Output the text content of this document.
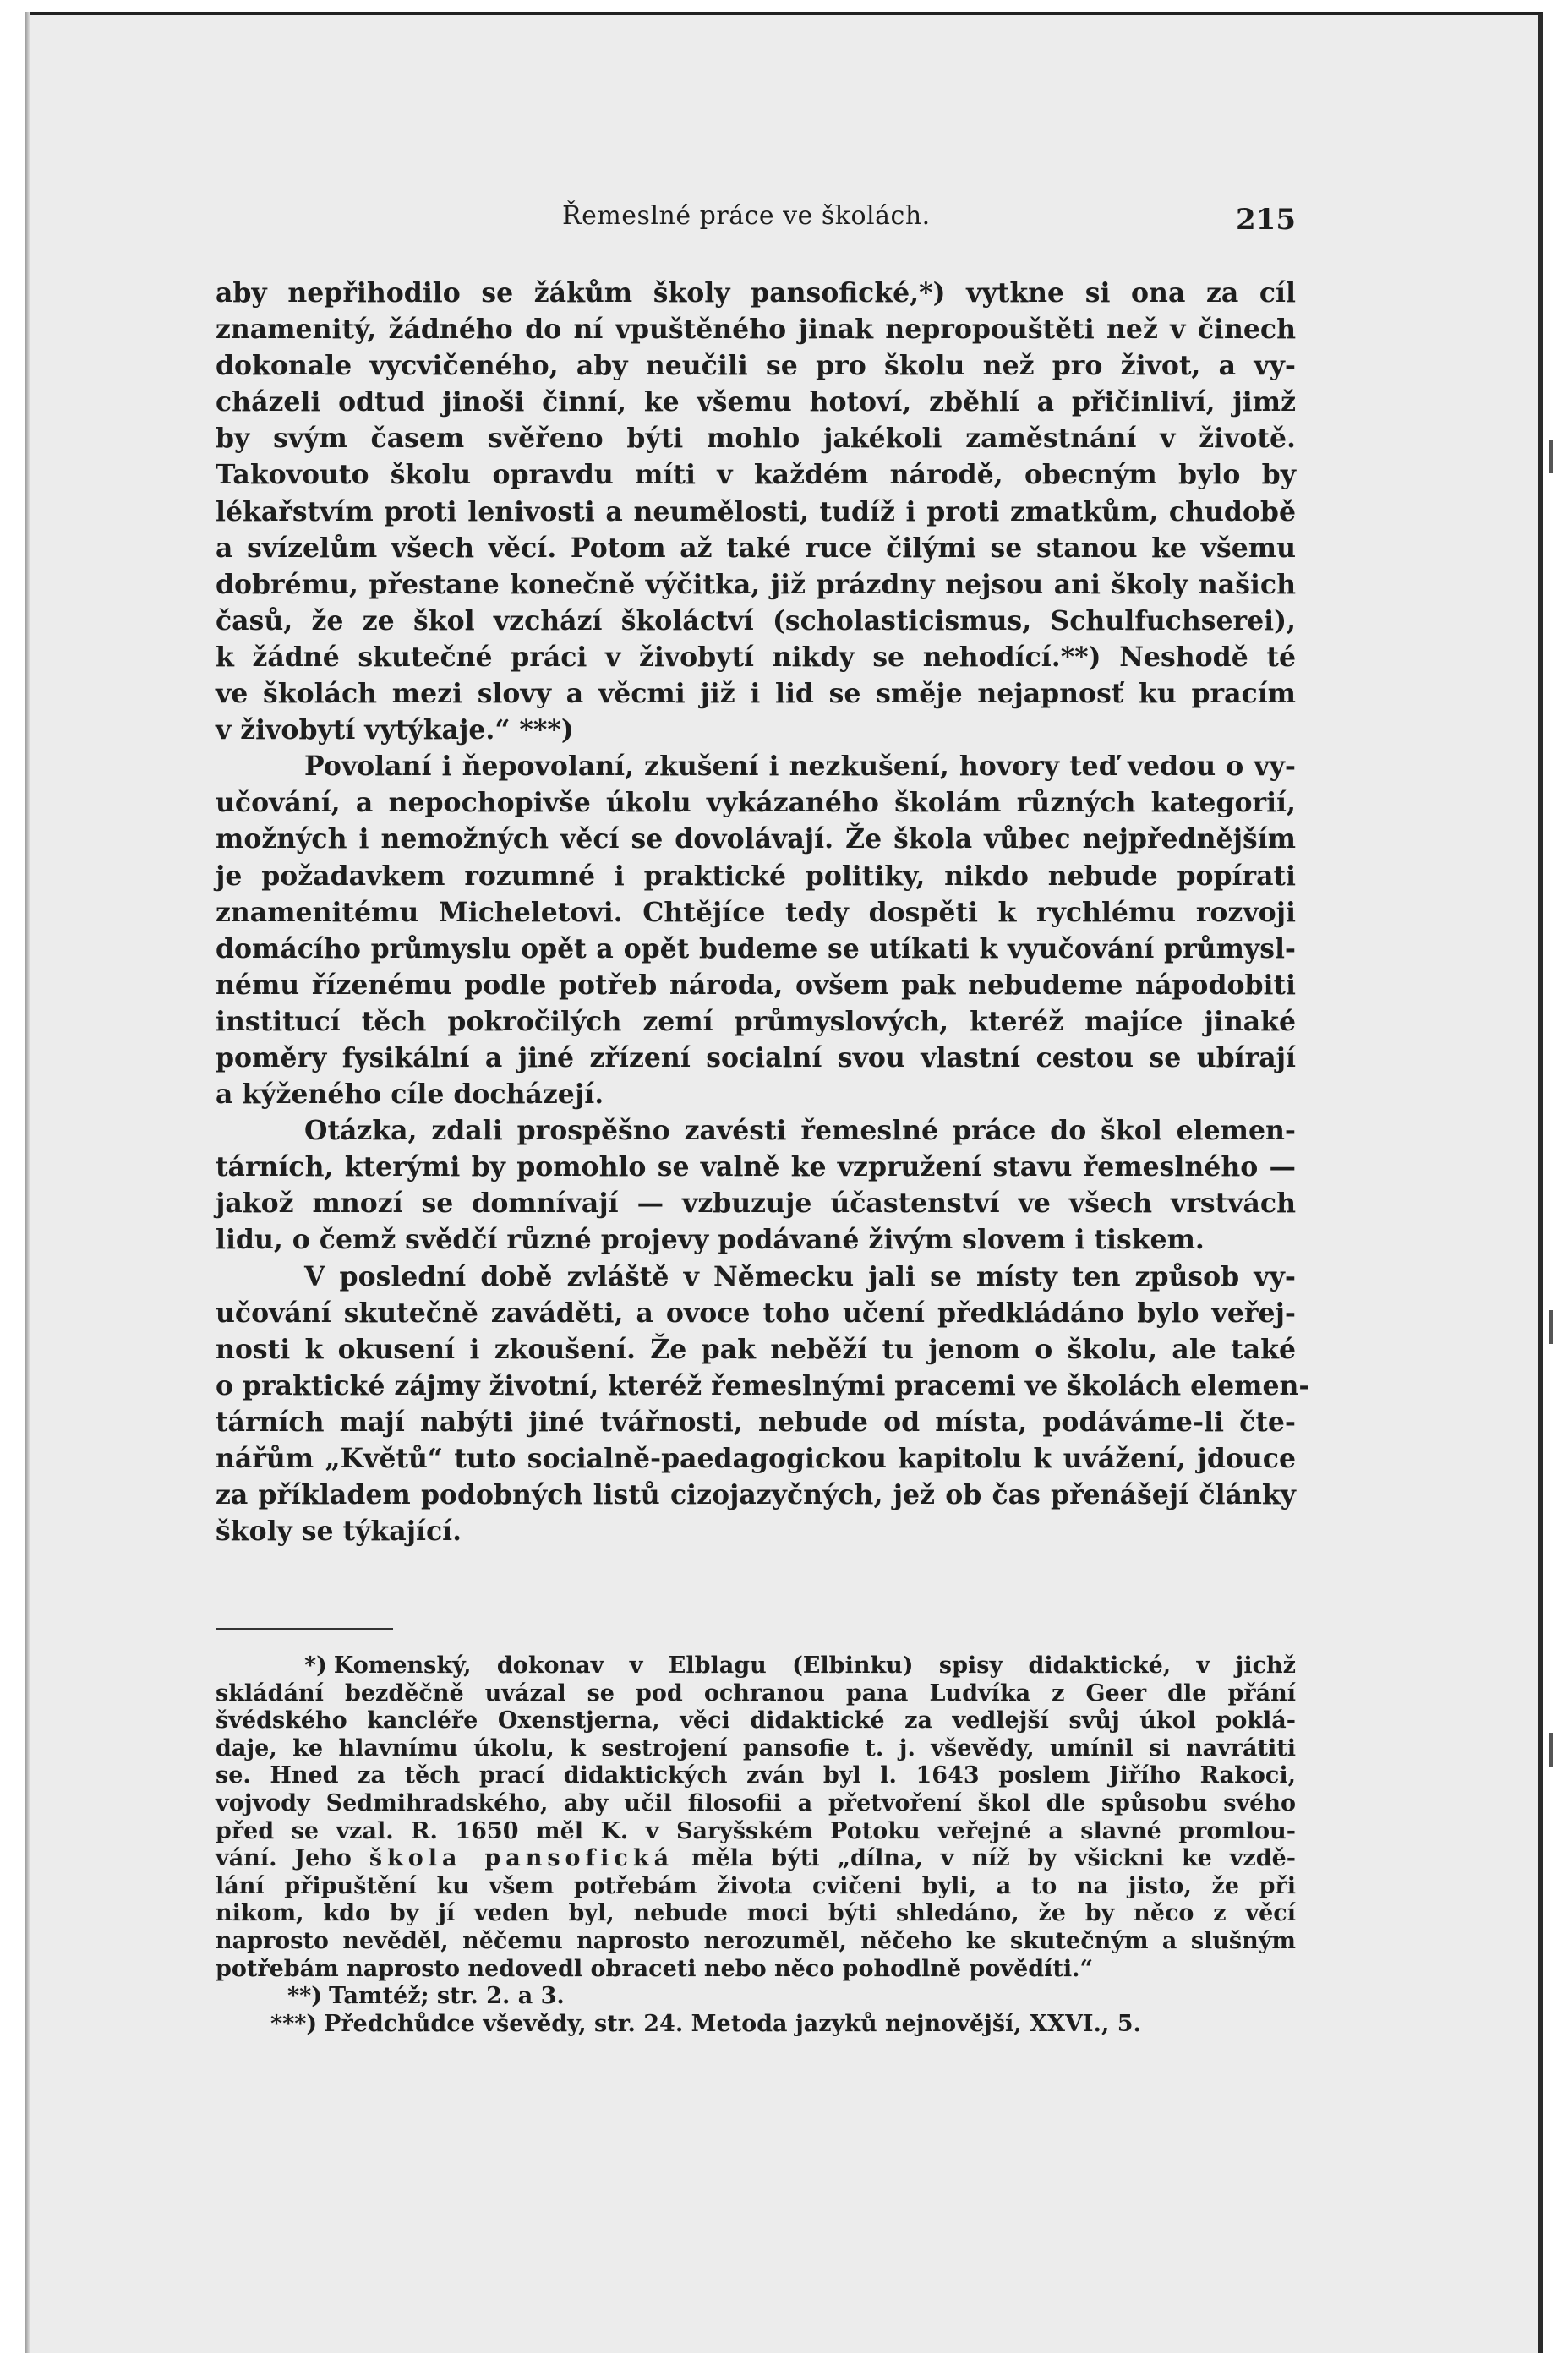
Řemeslné práce ve školách.	215

aby nepřihodilo se žákům školy pansofické,*) vytkne si ona za cíl
znamenitý, žádného do ní vpuštěného jinak nepropouštěti než v činech
dokonale vycvičeného, aby neučili se pro školu než pro život, a vy-
cházeli odtud jinoši činní, ke všemu hotoví, zběhlí a přičinliví, jimž
by svým časem svěřeno býti mohlo jakékoli zaměstnání v životě.
Takovouto školu opravdu míti v každém národě, obecným bylo by
lékařstvím proti lenivosti a neumělosti, tudíž i proti zmatkům, chudobě
a svízelům všech věcí. Potom až také ruce čilými se stanou ke všemu
dobrému, přestane konečně výčitka, již prázdny nejsou ani školy našich
časů, že ze škol vzchází školáctví (scholasticismus, Schulfuchserei),
k žádné skutečné práci v živobytí nikdy se nehodící.**) Neshodě té
ve školách mezi slovy a věcmi již i lid se směje nejapnosť ku pracím
v živobytí vytýkaje.“ ***)

Povolaní i ňepovolaní, zkušení i nezkušení, hovory teď vedou o vy-
učování, a nepochopivše úkolu vykázaného školám různých kategorií,
možných i nemožných věcí se dovolávají. Že škola vůbec nejpřednějším
je požadavkem rozumné i praktické politiky, nikdo nebude popírati
znamenitému Micheletovi. Chtějíce tedy dospěti k rychlému rozvoji
domácího průmyslu opět a opět budeme se utíkati k vyučování průmysl-
nému řízenému podle potřeb národa, ovšem pak nebudeme nápodobiti
institucí těch pokročilých zemí průmyslových, kteréž majíce jinaké
poměry fysikální a jiné zřízení socialní svou vlastní cestou se ubírají
a kýženého cíle docházejí.

Otázka, zdali prospěšno zavésti řemeslné práce do škol elemen-
tárních, kterými by pomohlo se valně ke vzpružení stavu řemeslného —
jakož mnozí se domnívají — vzbuzuje účastenství ve všech vrstvách
lidu, o čemž svědčí různé projevy podávané živým slovem i tiskem.

V poslední době zvláště v Německu jali se místy ten způsob vy-
učování skutečně zaváděti, a ovoce toho učení předkládáno bylo veřej-
nosti k okusení i zkoušení. Že pak neběží tu jenom o školu, ale také
o praktické zájmy životní, kteréž řemeslnými pracemi ve školách elemen-
tárních mají nabýti jiné tvářnosti, nebude od místa, podáváme-li čte-
nářům „Květů“ tuto socialně-paedagogickou kapitolu k uvážení, jdouce
za příkladem podobných listů cizojazyčných, jež ob čas přenášejí články
školy se týkající.

*) Komenský, dokonav v Elblagu (Elbinku) spisy didaktické, v jichž
skládání bezděčně uvázal se pod ochranou pana Ludvíka z Geer dle přání
švédského kancléře Oxenstjerna, věci didaktické za vedlejší svůj úkol poklá-
daje, ke hlavnímu úkolu, k sestrojení pansofie t. j. vševědy, umínil si navrátiti
se. Hned za těch prací didaktických zván byl l. 1643 poslem Jiřího Rakoci,
vojvody Sedmihradského, aby učil filosofii a přetvoření škol dle spůsobu svého
před se vzal. R. 1650 měl K. v Saryšském Potoku veřejné a slavné promlou-
vání. Jeho škola pansofická měla býti „dílna, v níž by všickni ke vzdě-
lání připuštění ku všem potřebám života cvičeni byli, a to na jisto, že při
nikom, kdo by jí veden byl, nebude moci býti shledáno, že by něco z věcí
naprosto nevěděl, něčemu naprosto nerozuměl, něčeho ke skutečným a slušným
potřebám naprosto nedovedl obraceti nebo něco pohodlně povědíti.“

**) Tamtéž; str. 2. a 3.

***) Předchůdce vševědy, str. 24. Metoda jazyků nejnovější, XXVI., 5.
